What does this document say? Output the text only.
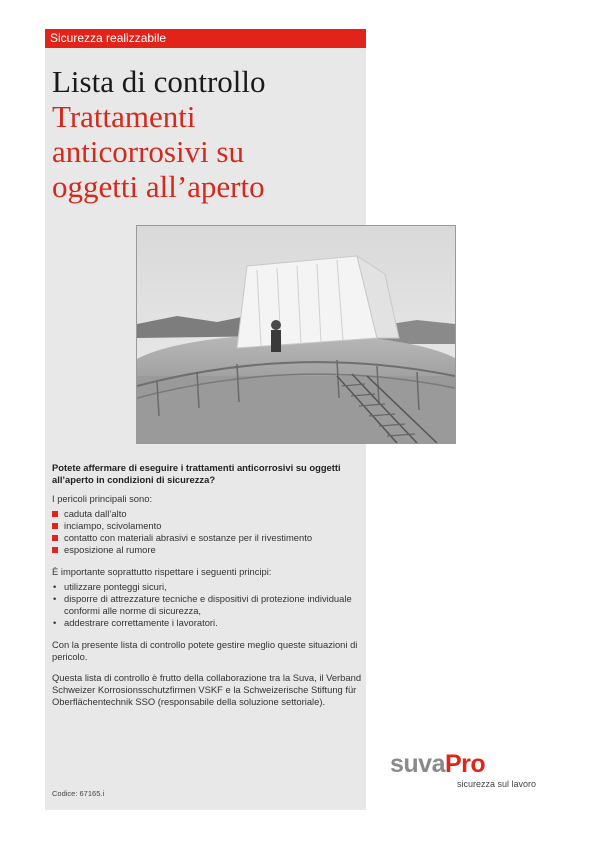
Sicurezza realizzabile

Lista di controllo

Trattamenti

anticorrosivi su

oggetti all’aperto

Potete affermare di eseguire i trattamenti anticorrosivi su oggetti all’aperto in condizioni di sicurezza?

I pericoli principali sono:

caduta dall’alto
inciampo, scivolamento
contatto con materiali abrasivi e sostanze per il rivestimento
esposizione al rumore

È importante soprattutto rispettare i seguenti principi:

• utilizzare ponteggi sicuri,
• disporre di attrezzature tecniche e dispositivi di protezione individuale conformi alle norme di sicurezza,
• addestrare correttamente i lavoratori.

Con la presente lista di controllo potete gestire meglio queste situazioni di pericolo.

Questa lista di controllo è frutto della collaborazione tra la Suva, il Verband Schweizer Korrosionsschutzfirmen VSKF e la Schweizerische Stiftung für Oberflächentechnik SSO (responsabile della soluzione settoriale).

Codice: 67165.i
suvaPro
sicurezza sul lavoro
